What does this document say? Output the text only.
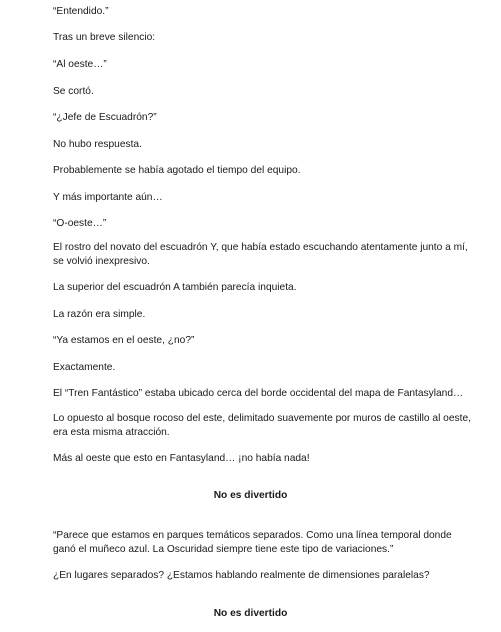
“Entendido.”

Tras un breve silencio:

“Al oeste…”

Se cortó.

“¿Jefe de Escuadrón?”

No hubo respuesta.

Probablemente se había agotado el tiempo del equipo.

Y más importante aún…

“O-oeste…”

El rostro del novato del escuadrón Y, que había estado escuchando atentamente junto a mí,

se volvió inexpresivo.

La superior del escuadrón A también parecía inquieta.

La razón era simple.

“Ya estamos en el oeste, ¿no?”

Exactamente.

El “Tren Fantástico” estaba ubicado cerca del borde occidental del mapa de Fantasyland…

Lo opuesto al bosque rocoso del este, delimitado suavemente por muros de castillo al oeste,

era esta misma atracción.

Más al oeste que esto en Fantasyland… ¡no había nada!

No es divertido

“Parece que estamos en parques temáticos separados. Como una línea temporal donde

ganó el muñeco azul. La Oscuridad siempre tiene este tipo de variaciones.”

¿En lugares separados? ¿Estamos hablando realmente de dimensiones paralelas?

No es divertido
